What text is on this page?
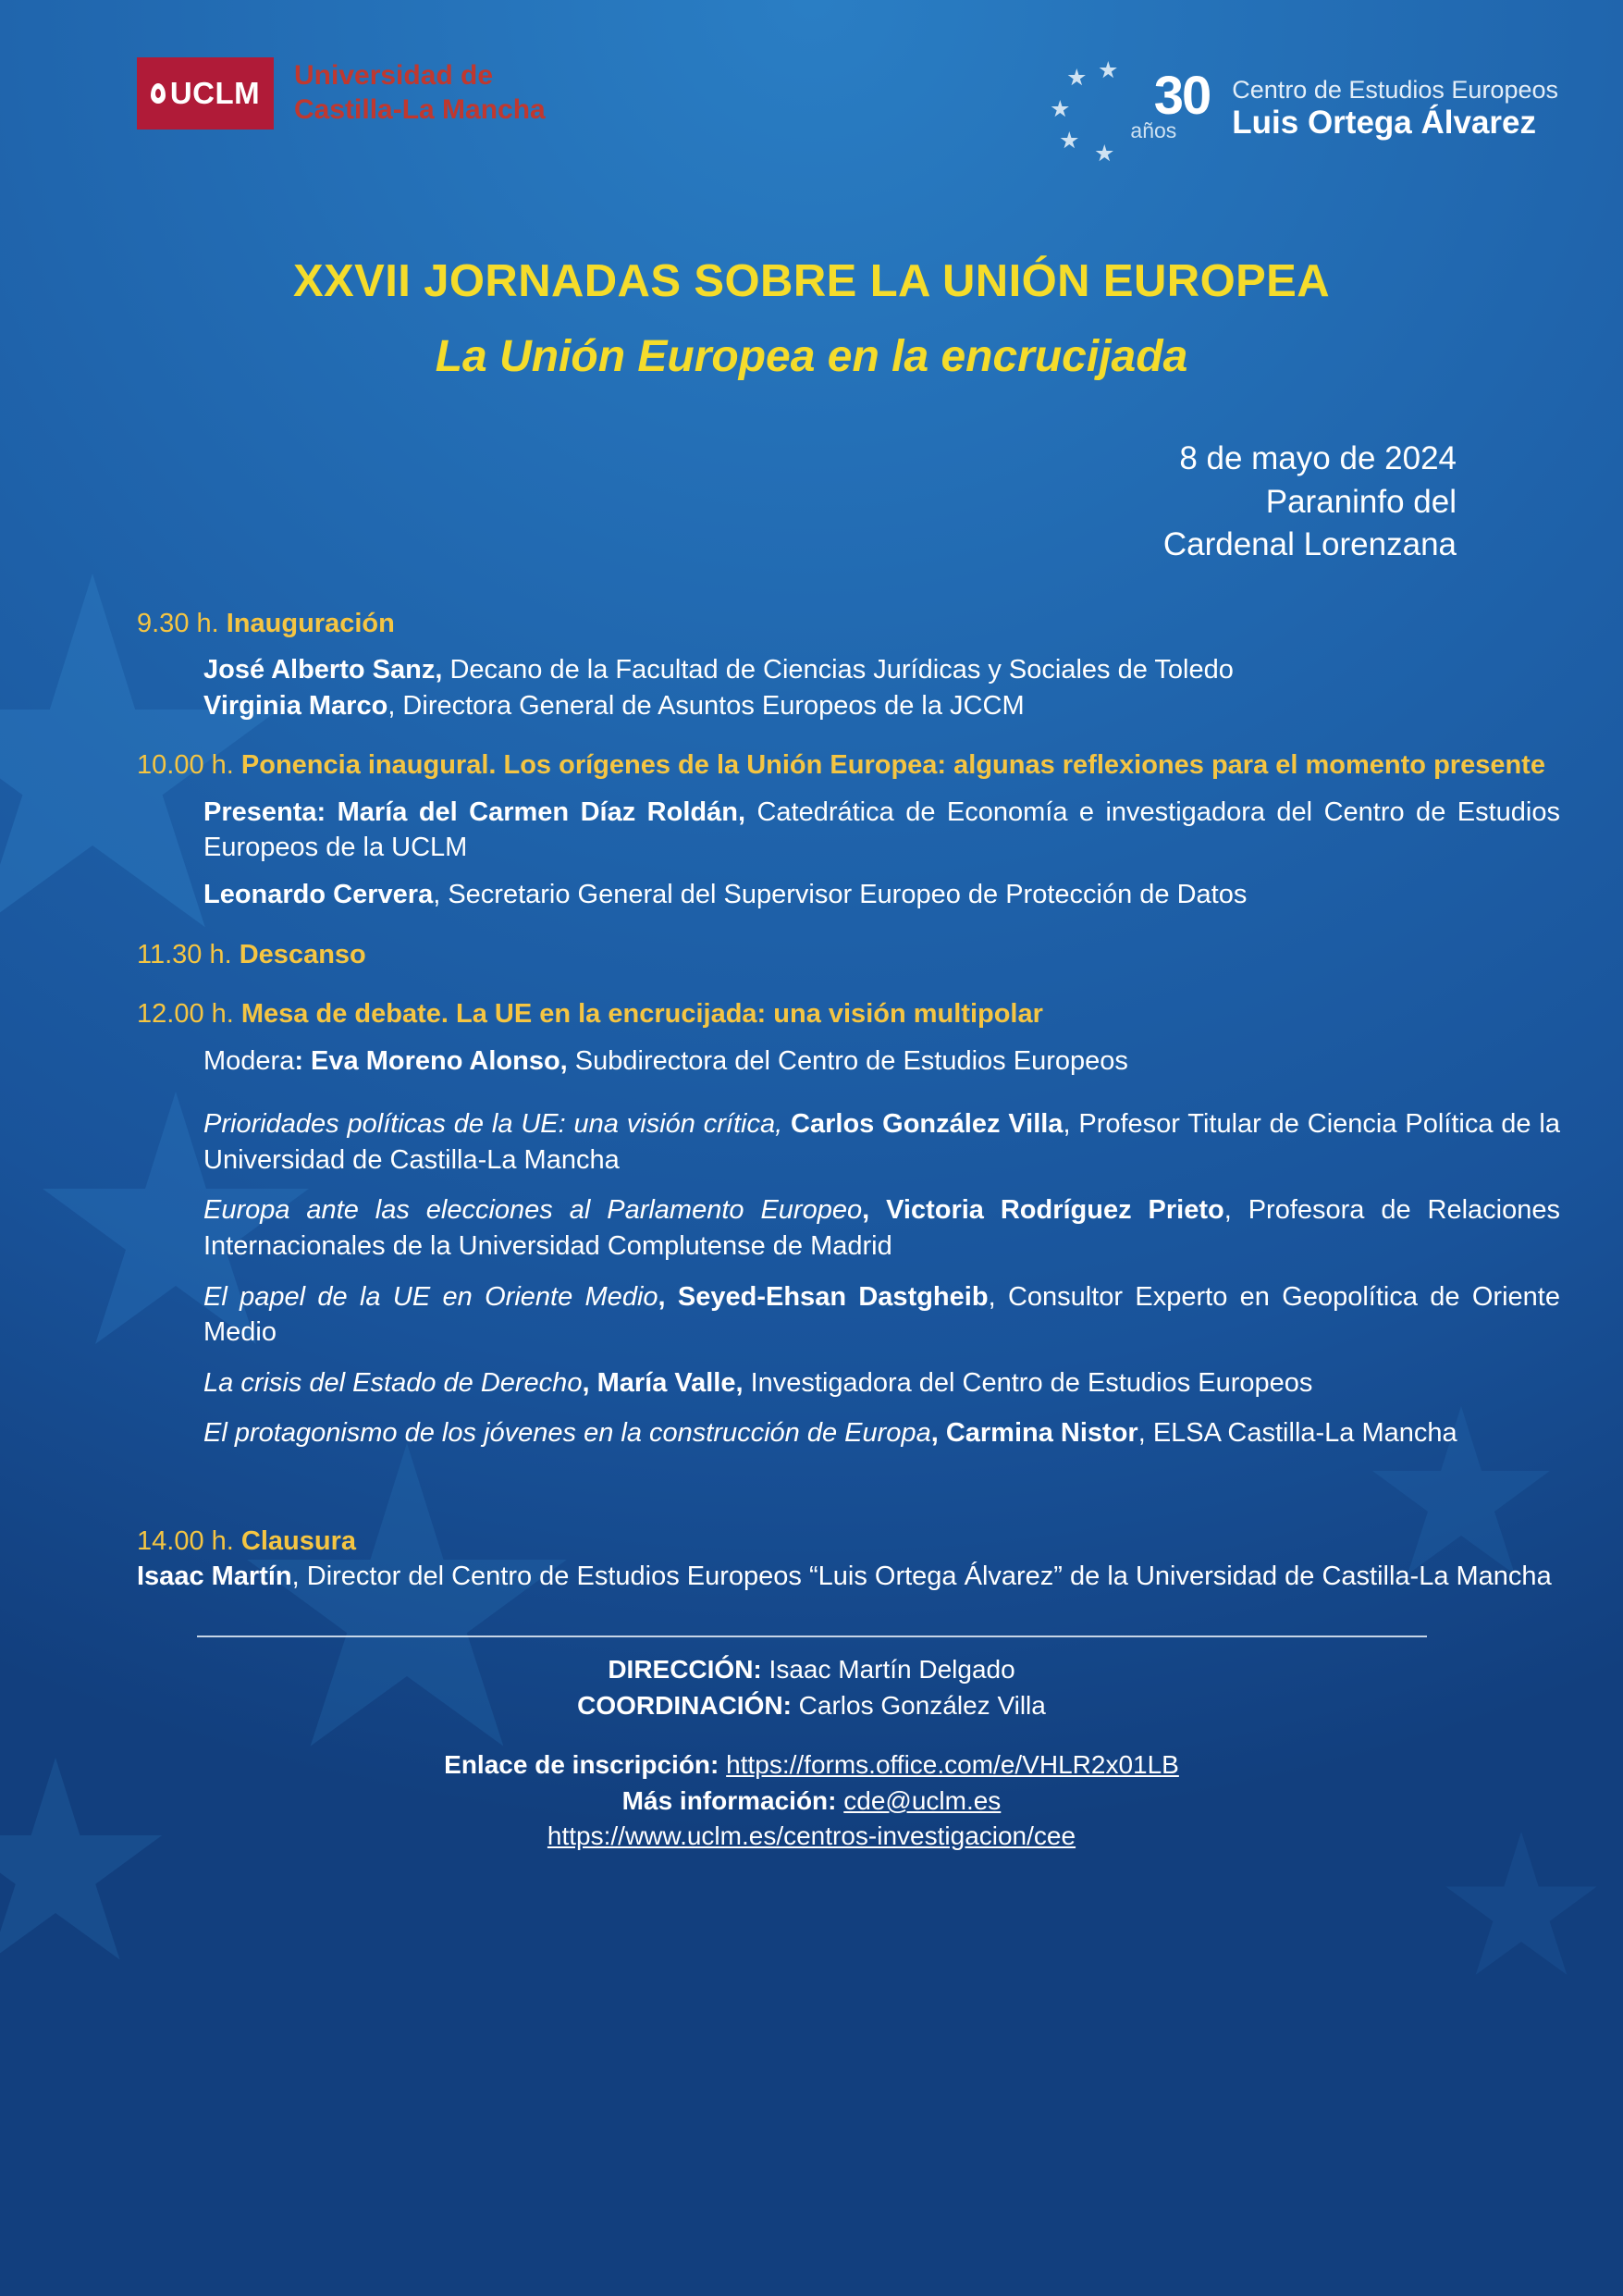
UCLM
Universidad de
Castilla-La Mancha	30
años
Centro de Estudios Europeos
Luis Ortega Álvarez
XXVII JORNADAS SOBRE LA UNIÓN EUROPEA
La Unión Europea en la encrucijada
8 de mayo de 2024
Paraninfo del
Cardenal Lorenzana
9.30 h. Inauguración
José Alberto Sanz, Decano de la Facultad de Ciencias Jurídicas y Sociales de Toledo
Virginia Marco, Directora General de Asuntos Europeos de la JCCM
10.00 h. Ponencia inaugural. Los orígenes de la Unión Europea: algunas reflexiones para el momento presente
Presenta: María del Carmen Díaz Roldán, Catedrática de Economía e investigadora del Centro de Estudios Europeos de la UCLM
Leonardo Cervera, Secretario General del Supervisor Europeo de Protección de Datos
11.30 h. Descanso
12.00 h. Mesa de debate. La UE en la encrucijada: una visión multipolar
Modera: Eva Moreno Alonso, Subdirectora del Centro de Estudios Europeos
Prioridades políticas de la UE: una visión crítica, Carlos González Villa, Profesor Titular de Ciencia Política de la Universidad de Castilla-La Mancha
Europa ante las elecciones al Parlamento Europeo, Victoria Rodríguez Prieto, Profesora de Relaciones Internacionales de la Universidad Complutense de Madrid
El papel de la UE en Oriente Medio, Seyed-Ehsan Dastgheib, Consultor Experto en Geopolítica de Oriente Medio
La crisis del Estado de Derecho, María Valle, Investigadora del Centro de Estudios Europeos
El protagonismo de los jóvenes en la construcción de Europa, Carmina Nistor, ELSA Castilla-La Mancha
14.00 h. Clausura
Isaac Martín, Director del Centro de Estudios Europeos “Luis Ortega Álvarez” de la Universidad de Castilla-La Mancha
DIRECCIÓN: Isaac Martín Delgado
COORDINACIÓN: Carlos González Villa
Enlace de inscripción: https://forms.office.com/e/VHLR2x01LB
Más información: cde@uclm.es
https://www.uclm.es/centros-investigacion/cee
